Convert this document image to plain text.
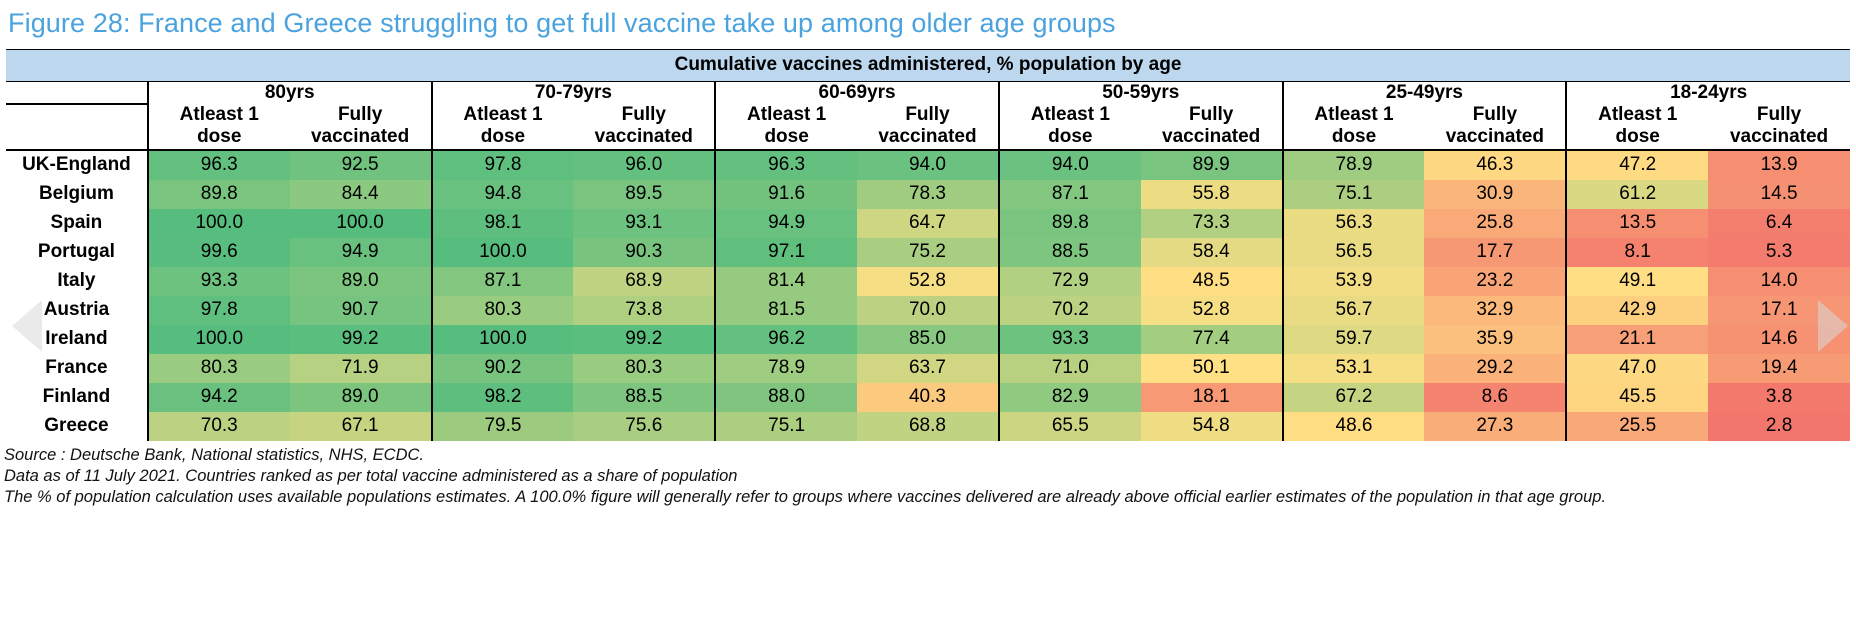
Figure 28: France and Greece struggling to get full vaccine take up among older age groups
Cumulative vaccines administered, % population by age
	80yrs		70-79yrs		60-69yrs		50-59yrs		25-49yrs		18-24yrs	
	Atleast 1
dose	Fully
vaccinated	Atleast 1
dose	Fully
vaccinated	Atleast 1
dose	Fully
vaccinated	Atleast 1
dose	Fully
vaccinated	Atleast 1
dose	Fully
vaccinated	Atleast 1
dose	Fully
vaccinated
UK-England	96.3	92.5	97.8	96.0	96.3	94.0	94.0	89.9	78.9	46.3	47.2	13.9
Belgium	89.8	84.4	94.8	89.5	91.6	78.3	87.1	55.8	75.1	30.9	61.2	14.5
Spain	100.0	100.0	98.1	93.1	94.9	64.7	89.8	73.3	56.3	25.8	13.5	6.4
Portugal	99.6	94.9	100.0	90.3	97.1	75.2	88.5	58.4	56.5	17.7	8.1	5.3
Italy	93.3	89.0	87.1	68.9	81.4	52.8	72.9	48.5	53.9	23.2	49.1	14.0
Austria	97.8	90.7	80.3	73.8	81.5	70.0	70.2	52.8	56.7	32.9	42.9	17.1
Ireland	100.0	99.2	100.0	99.2	96.2	85.0	93.3	77.4	59.7	35.9	21.1	14.6
France	80.3	71.9	90.2	80.3	78.9	63.7	71.0	50.1	53.1	29.2	47.0	19.4
Finland	94.2	89.0	98.2	88.5	88.0	40.3	82.9	18.1	67.2	8.6	45.5	3.8
Greece	70.3	67.1	79.5	75.6	75.1	68.8	65.5	54.8	48.6	27.3	25.5	2.8
Source : Deutsche Bank, National statistics, NHS, ECDC.
Data as of 11 July 2021. Countries ranked as per total vaccine administered as a share of population
The % of population calculation uses available populations estimates. A 100.0% figure will generally refer to groups where vaccines delivered are already above official earlier estimates of the population in that age group.
